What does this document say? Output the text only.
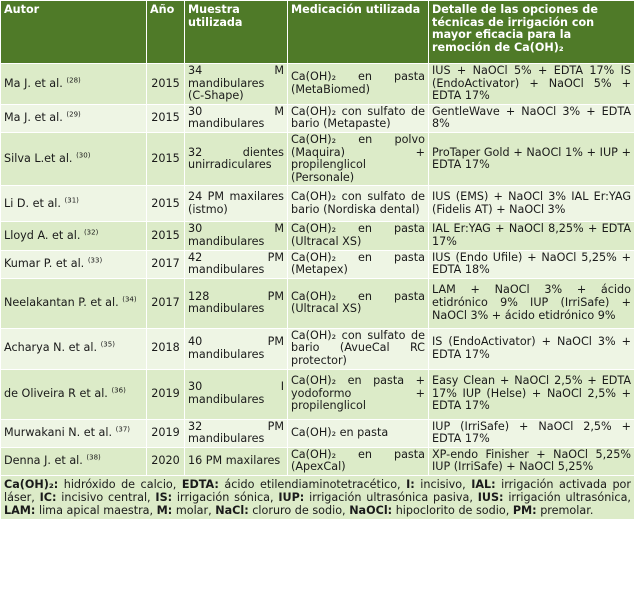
Autor	Año	Muestra utilizada	Medicación utilizada	Detalle de las opciones de técnicas de irrigación con mayor eficacia para la remoción de Ca(OH)₂
Ma J. et al. $^{(28)}$	2015	34 M mandibulares (C-Shape)	Ca(OH)₂ en pasta (MetaBiomed)	IUS + NaOCl 5% + EDTA 17% IS (EndoActivator) + NaOCl 5% + EDTA 17%
Ma J. et al. $^{(29)}$	2015	30 M mandibulares	Ca(OH)₂ con sulfato de bario (Metapaste)	GentleWave + NaOCl 3% + EDTA 8%
Silva L.et al. $^{(30)}$	2015	32 dientes unirradiculares	Ca(OH)₂ en polvo (Maquira) + propilenglicol (Personale)	ProTaper Gold + NaOCl 1% + IUP + EDTA 17%
Li D. et al. $^{(31)}$	2015	24 PM maxilares (istmo)	Ca(OH)₂ con sulfato de bario (Nordiska dental)	IUS (EMS) + NaOCl 3% IAL Er:YAG (Fidelis AT) + NaOCl 3%
Lloyd A. et al. $^{(32)}$	2015	30 M mandibulares	Ca(OH)₂ en pasta (Ultracal XS)	IAL Er:YAG + NaOCl 8,25% + EDTA 17%
Kumar P. et al. $^{(33)}$	2017	42 PM mandibulares	Ca(OH)₂ en pasta (Metapex)	IUS (Endo Ufile) + NaOCl 5,25% + EDTA 18%
Neelakantan P. et al. $^{(34)}$	2017	128 PM mandibulares	Ca(OH)₂ en pasta (Ultracal XS)	LAM + NaOCl 3% + ácido etidrónico 9% IUP (IrriSafe) + NaOCl 3% + ácido etidrónico 9%
Acharya N. et al. $^{(35)}$	2018	40 PM mandibulares	Ca(OH)₂ con sulfato de bario (AvueCal RC protector)	IS (EndoActivator) + NaOCl 3% + EDTA 17%
de Oliveira R et al. $^{(36)}$	2019	30 I mandibulares	Ca(OH)₂ en pasta + yodoformo + propilenglicol	Easy Clean + NaOCl 2,5% + EDTA 17% IUP (Helse) + NaOCl 2,5% + EDTA 17%
Murwakani N. et al. $^{(37)}$	2019	32 PM mandibulares	Ca(OH)₂ en pasta	IUP (IrriSafe) + NaOCl 2,5% + EDTA 17%
Denna J. et al. $^{(38)}$	2020	16 PM maxilares	Ca(OH)₂ en pasta (ApexCal)	XP-endo Finisher + NaOCl 5,25% IUP (IrriSafe) + NaOCl 5,25%
Ca(OH)₂: hidróxido de calcio, EDTA: ácido etilendiaminotetracético, I: incisivo, IAL: irrigación activada por láser, IC: incisivo central, IS: irrigación sónica, IUP: irrigación ultrasónica pasiva, IUS: irrigación ultrasónica, LAM: lima apical maestra, M: molar, NaCl: cloruro de sodio, NaOCl: hipoclorito de sodio, PM: premolar.				
